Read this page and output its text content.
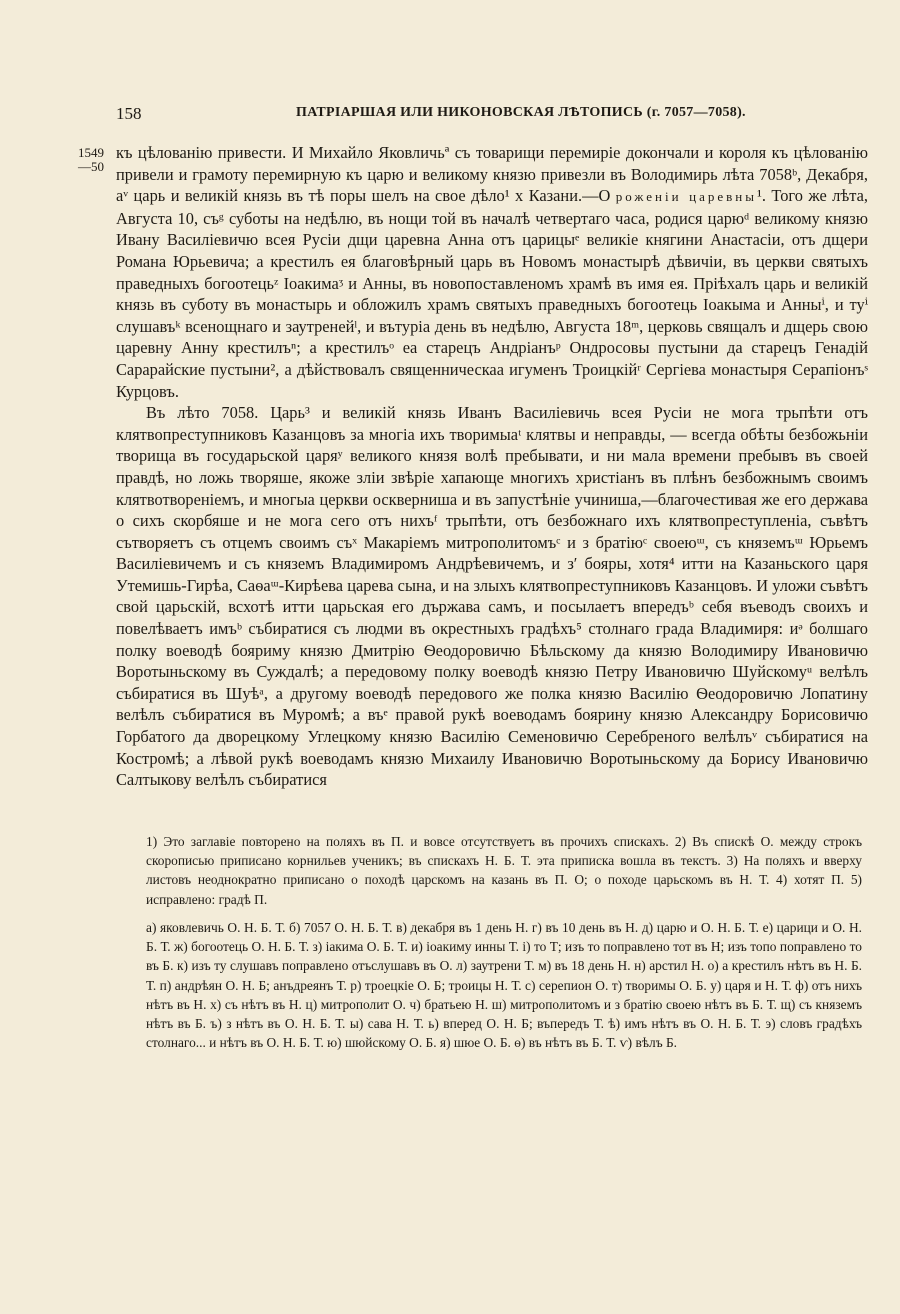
158	ПАТРІАРШАЯ ИЛИ НИКОНОВСКАЯ ЛѢТОПИСЬ (г. 7057—7058).
1549
—50

къ цѣлованію привести. И Михайло Яковличьª съ товарищи перемиріе докончали и короля къ цѣлованію привели и грамоту перемирную къ царю и великому князю привезли въ Володимирь лѣта 7058ᵇ, Декабря, аᵛ царь и великій князь въ тѣ поры шелъ на свое дѣло¹ х Казани.—О роженіи царевны¹. Того же лѣта, Августа 10, съᵍ суботы на недѣлю, въ нощи той въ началѣ четвертаго часа, родися царюᵈ великому князю Ивану Василіевичю всея Русіи дщи царевна Анна отъ царицыᵉ великіе княгини Анастасіи, отъ дщери Романа Юрьевича; а крестилъ ея благовѣрный царь въ Новомъ монастырѣ дѣвичіи, въ церкви святыхъ праведныхъ богоотецьᶻ Іоакимаᶾ и Анны, въ новопоставленомъ храмѣ въ имя ея. Пріѣхалъ царь и великій князь въ суботу въ монастырь и обложилъ храмъ святыхъ праведныхъ богоотець Іоакыма и Анныⁱ, и туⁱ слушавъᵏ всенощнаго и заутренейˡ, и вътуріа день въ недѣлю, Августа 18ᵐ, церковь свящалъ и дщерь свою царевну Анну крестилъⁿ; а крестилъᵒ ea старецъ Андріанъᵖ Ондросовы пустыни да старецъ Генадій Сарарайские пустыни², а дѣйствовалъ священническаа игуменъ Троицкійʳ Сергіева монастыря Серапіонъˢ Курцовъ.

Въ лѣто 7058. Царь³ и великій князь Иванъ Василіевичь всея Русіи не мога трьпѣти отъ клятвопреступниковъ Казанцовъ за многіа ихъ творимыаᵗ клятвы и неправды, — всегда обѣты безбожьніи творища въ государьской царяʸ великого князя волѣ пребывати, и ни мала времени пребывъ въ своей правдѣ, но ложь творяше, якоже зліи звѣріе хапающе многихъ христіанъ въ плѣнъ безбожнымъ своимъ клятвотвореніемъ, и многыа церкви оскверниша и въ запустѣніе учиниша,—благочестивая же его держава о сихъ скорбяше и не мога сего отъ нихъᶠ трьпѣти, отъ безбожнаго ихъ клятвопреступленіа, съвѣтъ сътворяетъ съ отцемъ своимъ съˣ Макаріемъ митрополитомъᶜ и з братіюᶜ своеюᵚ, съ княземъᵚ Юрьемъ Василіевичемъ и съ княземъ Владимиромъ Андрѣевичемъ, и зʹ бояры, хотя⁴ итти на Казаньского царя Утемишь-Гирѣа, Саѳаᵚ-Кирѣева царева сына, и на злыхъ клятвопреступниковъ Казанцовъ. И уложи съвѣтъ свой царьскій, всхотѣ итти царьская его държава самъ, и посылаетъ впередъᵇ себя въеводъ своихъ и повелѣваетъ имъᵇ събиратися съ людми въ окрестныхъ градѣхъ⁵ столнаго града Владимиря: иᵊ болшаго полку воеводѣ бояриму князю Дмитрію Ѳеодоровичю Бѣльскому да князю Володимиру Ивановичю Воротыньскому въ Суждалѣ; а передовому полку воеводѣ князю Петру Ивановичю Шуйскомуᵘ велѣлъ събиратися въ Шуѣᵃ, а другому воеводѣ передового же полка князю Василію Ѳеодоровичю Лопатину велѣлъ събиратися въ Муромѣ; а въᵉ правой рукѣ воеводамъ боярину князю Александру Борисовичю Горбатого да дворецкому Углецкому князю Василію Семеновичю Серебреного велѣлъᵛ събиратися на Костромѣ; а лѣвой рукѣ воеводамъ князю Михаилу Ивановичю Воротыньскому да Борису Ивановичю Салтыкову велѣлъ събиратися

1) Это заглавіе повторено на поляхъ въ П. и вовсе отсутствуетъ въ прочихъ спискахъ. 2) Въ спискѣ О. между строкъ скорописью приписано корнильев ученикъ; въ спискахъ Н. Б. Т. эта приписка вошла въ текстъ. 3) На поляхъ и вверху листовъ неоднократно приписано о походѣ царскомъ на казань въ П. О; о походе царьскомъ въ Н. Т. 4) хотят П. 5) исправлено: градѣ П.

а) яковлевичь О. Н. Б. Т. б) 7057 О. Н. Б. Т. в) декабря въ 1 день Н. г) въ 10 день въ Н. д) царю и О. Н. Б. Т. е) царици и О. Н. Б. Т. ж) богоотець О. Н. Б. Т. з) іакима О. Б. Т. и) іоакиму инны Т. і) то Т; изъ то поправлено тот въ Н; изъ топо поправлено то въ Б. к) изъ ту слушавъ поправлено отъслушавъ въ О. л) заутрени Т. м) въ 18 день Н. н) арстил Н. о) а крестилъ нѣтъ въ Н. Б. Т. п) андрѣян О. Н. Б; анъдреянъ Т. р) троецкіе О. Б; троицы Н. Т. с) серепион О. т) творимы О. Б. у) царя и Н. Т. ф) отъ нихъ нѣтъ въ Н. х) съ нѣтъ въ Н. ц) митрополит О. ч) братьею Н. ш) митрополитомъ и з братію своею нѣтъ въ Б. Т. щ) съ княземъ нѣтъ въ Б. ъ) з нѣтъ въ О. Н. Б. Т. ы) сава Н. Т. ь) вперед О. Н. Б; въпередъ Т. ѣ) имъ нѣтъ въ О. Н. Б. Т. э) словъ градѣхъ столнаго... и нѣтъ въ О. Н. Б. Т. ю) шюйскому О. Б. я) шюе О. Б. ѳ) въ нѣтъ въ Б. Т. ѵ) вѣлъ Б.
